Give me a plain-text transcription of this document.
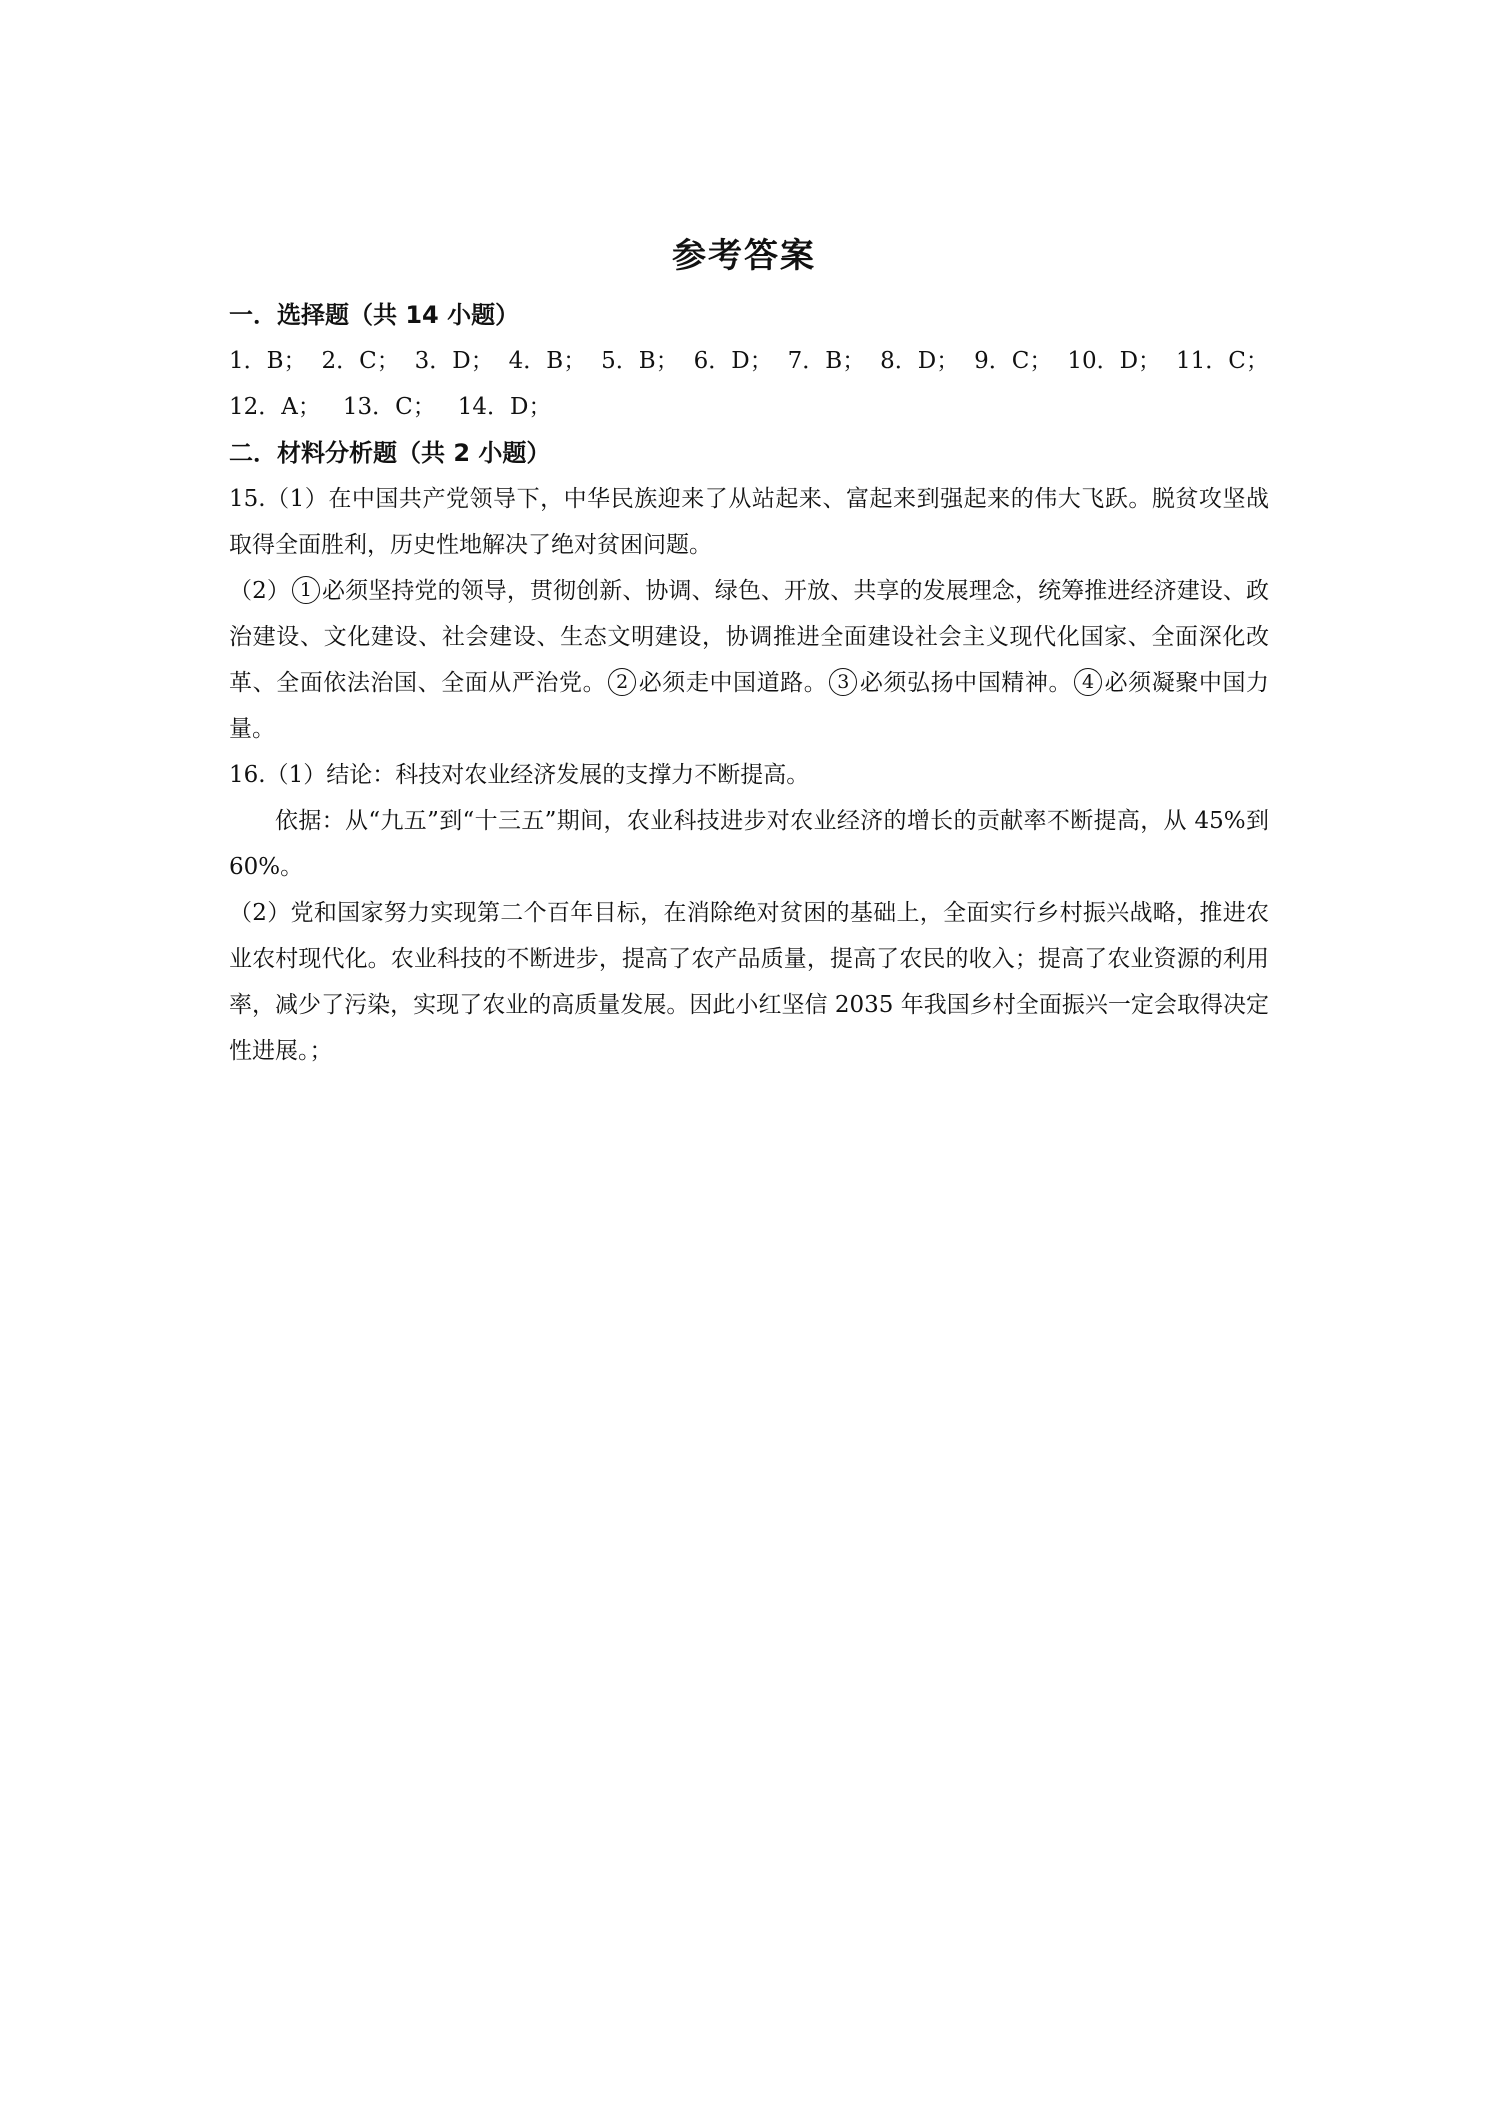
参考答案
一．选择题（共 14 小题）
1．B； 2．C； 3．D； 4．B； 5．B； 6．D； 7．B； 8．D； 9．C； 10．D； 11．C；
12．A； 13．C； 14．D；
二．材料分析题（共 2 小题）
15.（1）在中国共产党领导下，中华民族迎来了从站起来、富起来到强起来的伟大飞跃。脱贫攻坚战取得全面胜利，历史性地解决了绝对贫困问题。
（2） 1 必须坚持党的领导，贯彻创新、协调、绿色、开放、共享的发展理念，统筹推进经济建设、政治建设、文化建设、社会建设、生态文明建设，协调推进全面建设社会主义现代化国家、全面深化改革、全面依法治国、全面从严治党。 2 必须走中国道路。 3 必须弘扬中国精神。 4 必须凝聚中国力量。
16.（1）结论：科技对农业经济发展的支撑力不断提高。
依据：从“九五”到“十三五”期间，农业科技进步对农业经济的增长的贡献率不断提高，从 45%到 60%。
（2）党和国家努力实现第二个百年目标，在消除绝对贫困的基础上，全面实行乡村振兴战略，推进农业农村现代化。农业科技的不断进步，提高了农产品质量，提高了农民的收入；提高了农业资源的利用率，减少了污染，实现了农业的高质量发展。因此小红坚信 2035 年我国乡村全面振兴一定会取得决定性进展。；
